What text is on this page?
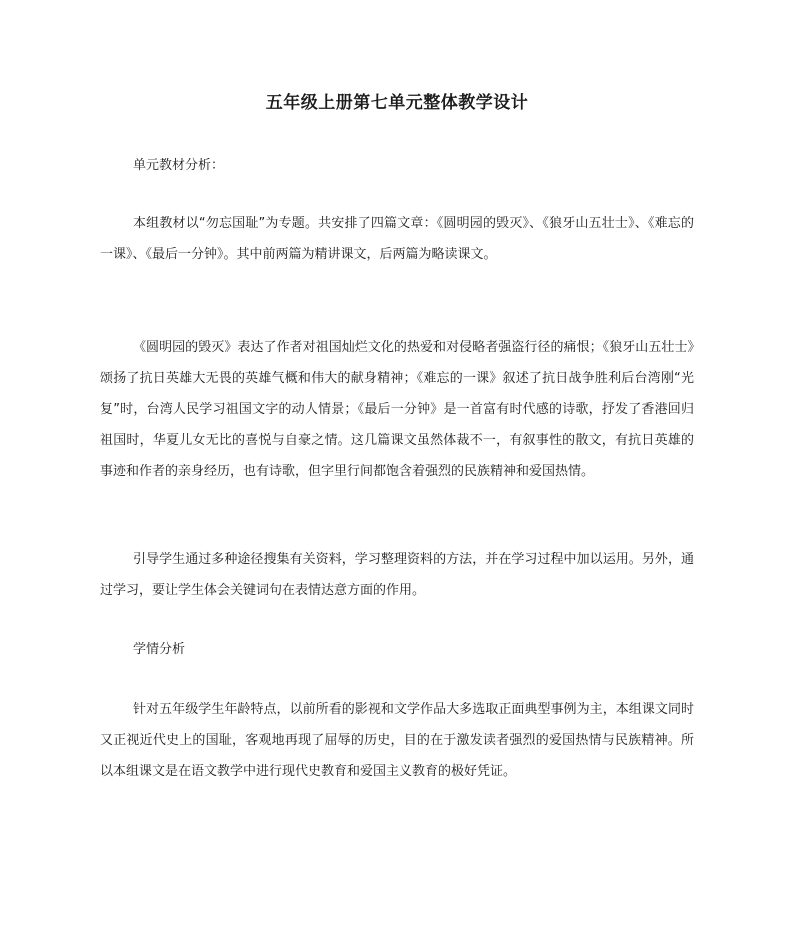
五年级上册第七单元整体教学设计
单元教材分析：
本组教材以“勿忘国耻”为专题。共安排了四篇文章：《圆明园的毁灭》、《狼牙山五壮士》、《难忘的一课》、《最后一分钟》。其中前两篇为精讲课文，后两篇为略读课文。
《圆明园的毁灭》表达了作者对祖国灿烂文化的热爱和对侵略者强盗行径的痛恨；《狼牙山五壮士》颂扬了抗日英雄大无畏的英雄气概和伟大的献身精神；《难忘的一课》叙述了抗日战争胜利后台湾刚“光复”时，台湾人民学习祖国文字的动人情景；《最后一分钟》是一首富有时代感的诗歌，抒发了香港回归祖国时，华夏儿女无比的喜悦与自豪之情。这几篇课文虽然体裁不一，有叙事性的散文，有抗日英雄的事迹和作者的亲身经历，也有诗歌，但字里行间都饱含着强烈的民族精神和爱国热情。
引导学生通过多种途径搜集有关资料，学习整理资料的方法，并在学习过程中加以运用。另外，通过学习，要让学生体会关键词句在表情达意方面的作用。
学情分析
针对五年级学生年龄特点，以前所看的影视和文学作品大多选取正面典型事例为主，本组课文同时又正视近代史上的国耻，客观地再现了屈辱的历史，目的在于激发读者强烈的爱国热情与民族精神。所以本组课文是在语文教学中进行现代史教育和爱国主义教育的极好凭证。
